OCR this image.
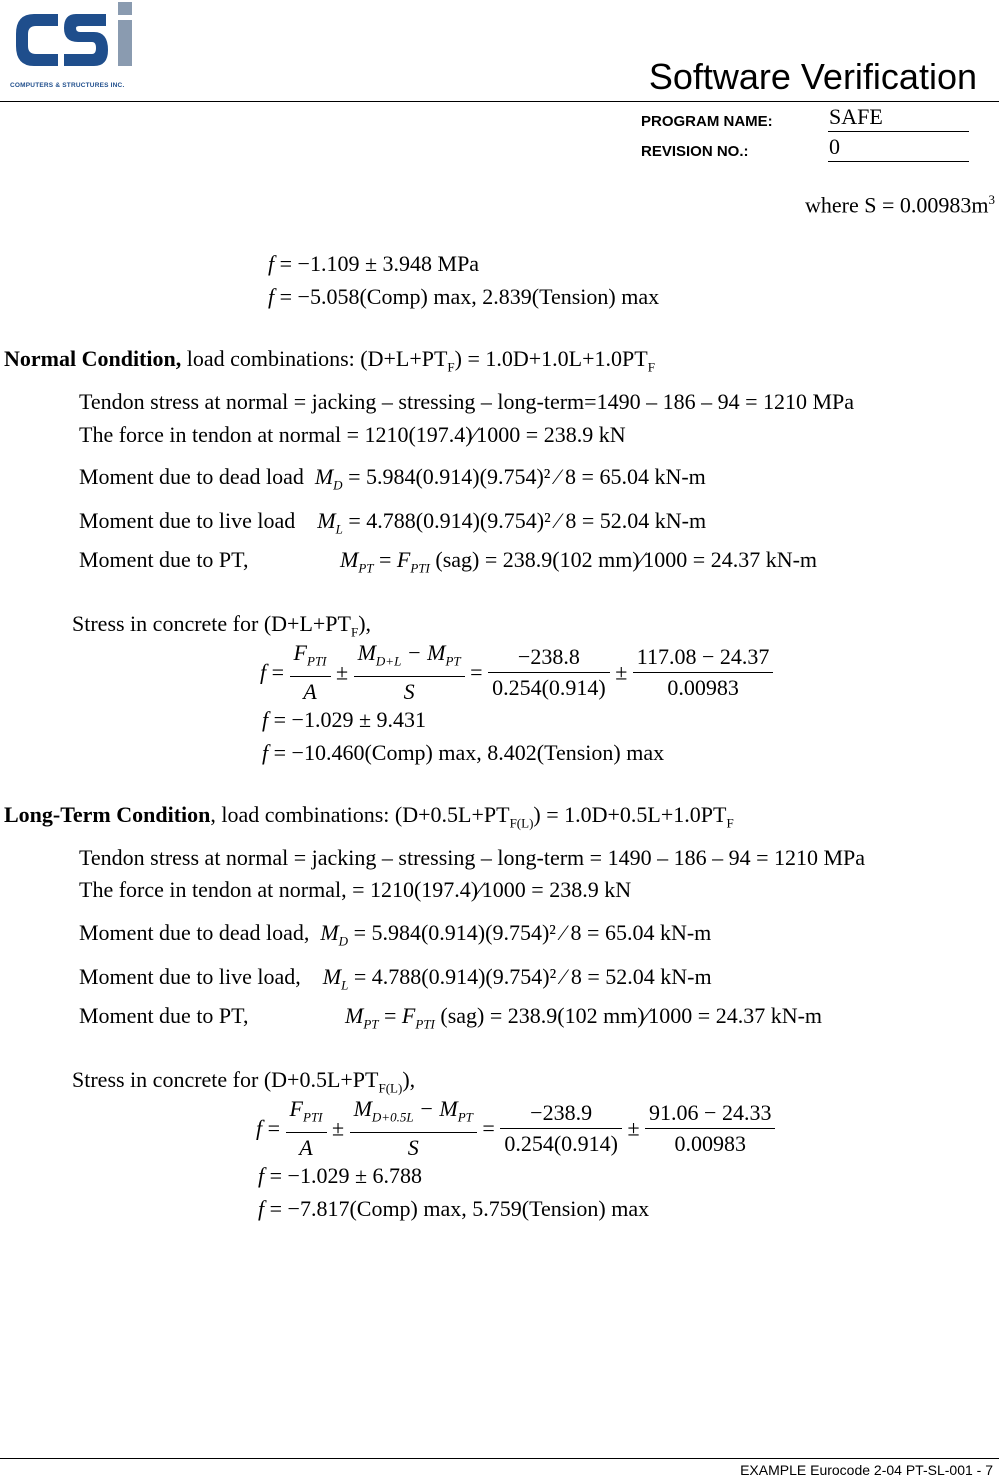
COMPUTERS & STRUCTURES INC.	Software Verification
PROGRAM NAME:	SAFE
REVISION NO.:	0
where $S = 0.00983m^3$
f = −1.109 ± 3.948 MPa
f = −5.058(Comp) max, 2.839(Tension) max
Normal Condition, load combinations: $(D+L+PT_F) = 1.0D+1.0L+1.0PT_F$
Tendon stress at normal = jacking – stressing – long-term=1490 – 186 – 94 = 1210 MPa
The force in tendon at normal = 1210(197.4)⁄1000 = 238.9 kN
Moment due to dead load $M_D = 5.984(0.914)(9.754)^2$ ⁄ 8 = 65.04 kN-m
Moment due to live load $M_L = 4.788(0.914)(9.754)^2$ ⁄ 8 = 52.04 kN-m
Moment due to PT,	$M_{PT} = F_{PTI}$ (sag) = 238.9(102 mm)⁄1000 = 24.37 kN-m
Stress in concrete for $(D+L+PT_F)$,
$f = \frac{F_{PTI}}{A} \pm \frac{M_{D+L} - M_{PT}}{S} = \frac{-238.8}{0.254(0.914)} \pm \frac{117.08 - 24.37}{0.00983}$
f = −1.029 ± 9.431
f = −10.460(Comp) max, 8.402(Tension) max
Long-Term Condition, load combinations: $(D+0.5L+PT_{F(L)}) = 1.0D+0.5L+1.0PT_F$
Tendon stress at normal = jacking – stressing – long-term = 1490 – 186 – 94 = 1210 MPa
The force in tendon at normal, = 1210(197.4)⁄1000 = 238.9 kN
Moment due to dead load, $M_D = 5.984(0.914)(9.754)^2$ ⁄ 8 = 65.04 kN-m
Moment due to live load, $M_L = 4.788(0.914)(9.754)^2$ ⁄ 8 = 52.04 kN-m
Moment due to PT,	$M_{PT} = F_{PTI}$ (sag) = 238.9(102 mm)⁄1000 = 24.37 kN-m
Stress in concrete for $(D+0.5L+PT_{F(L)})$,
$f = \frac{F_{PTI}}{A} \pm \frac{M_{D+0.5L} - M_{PT}}{S} = \frac{-238.9}{0.254(0.914)} \pm \frac{91.06 - 24.33}{0.00983}$
f = −1.029 ± 6.788
f = −7.817(Comp) max, 5.759(Tension) max
EXAMPLE Eurocode 2-04 PT-SL-001 - 7
